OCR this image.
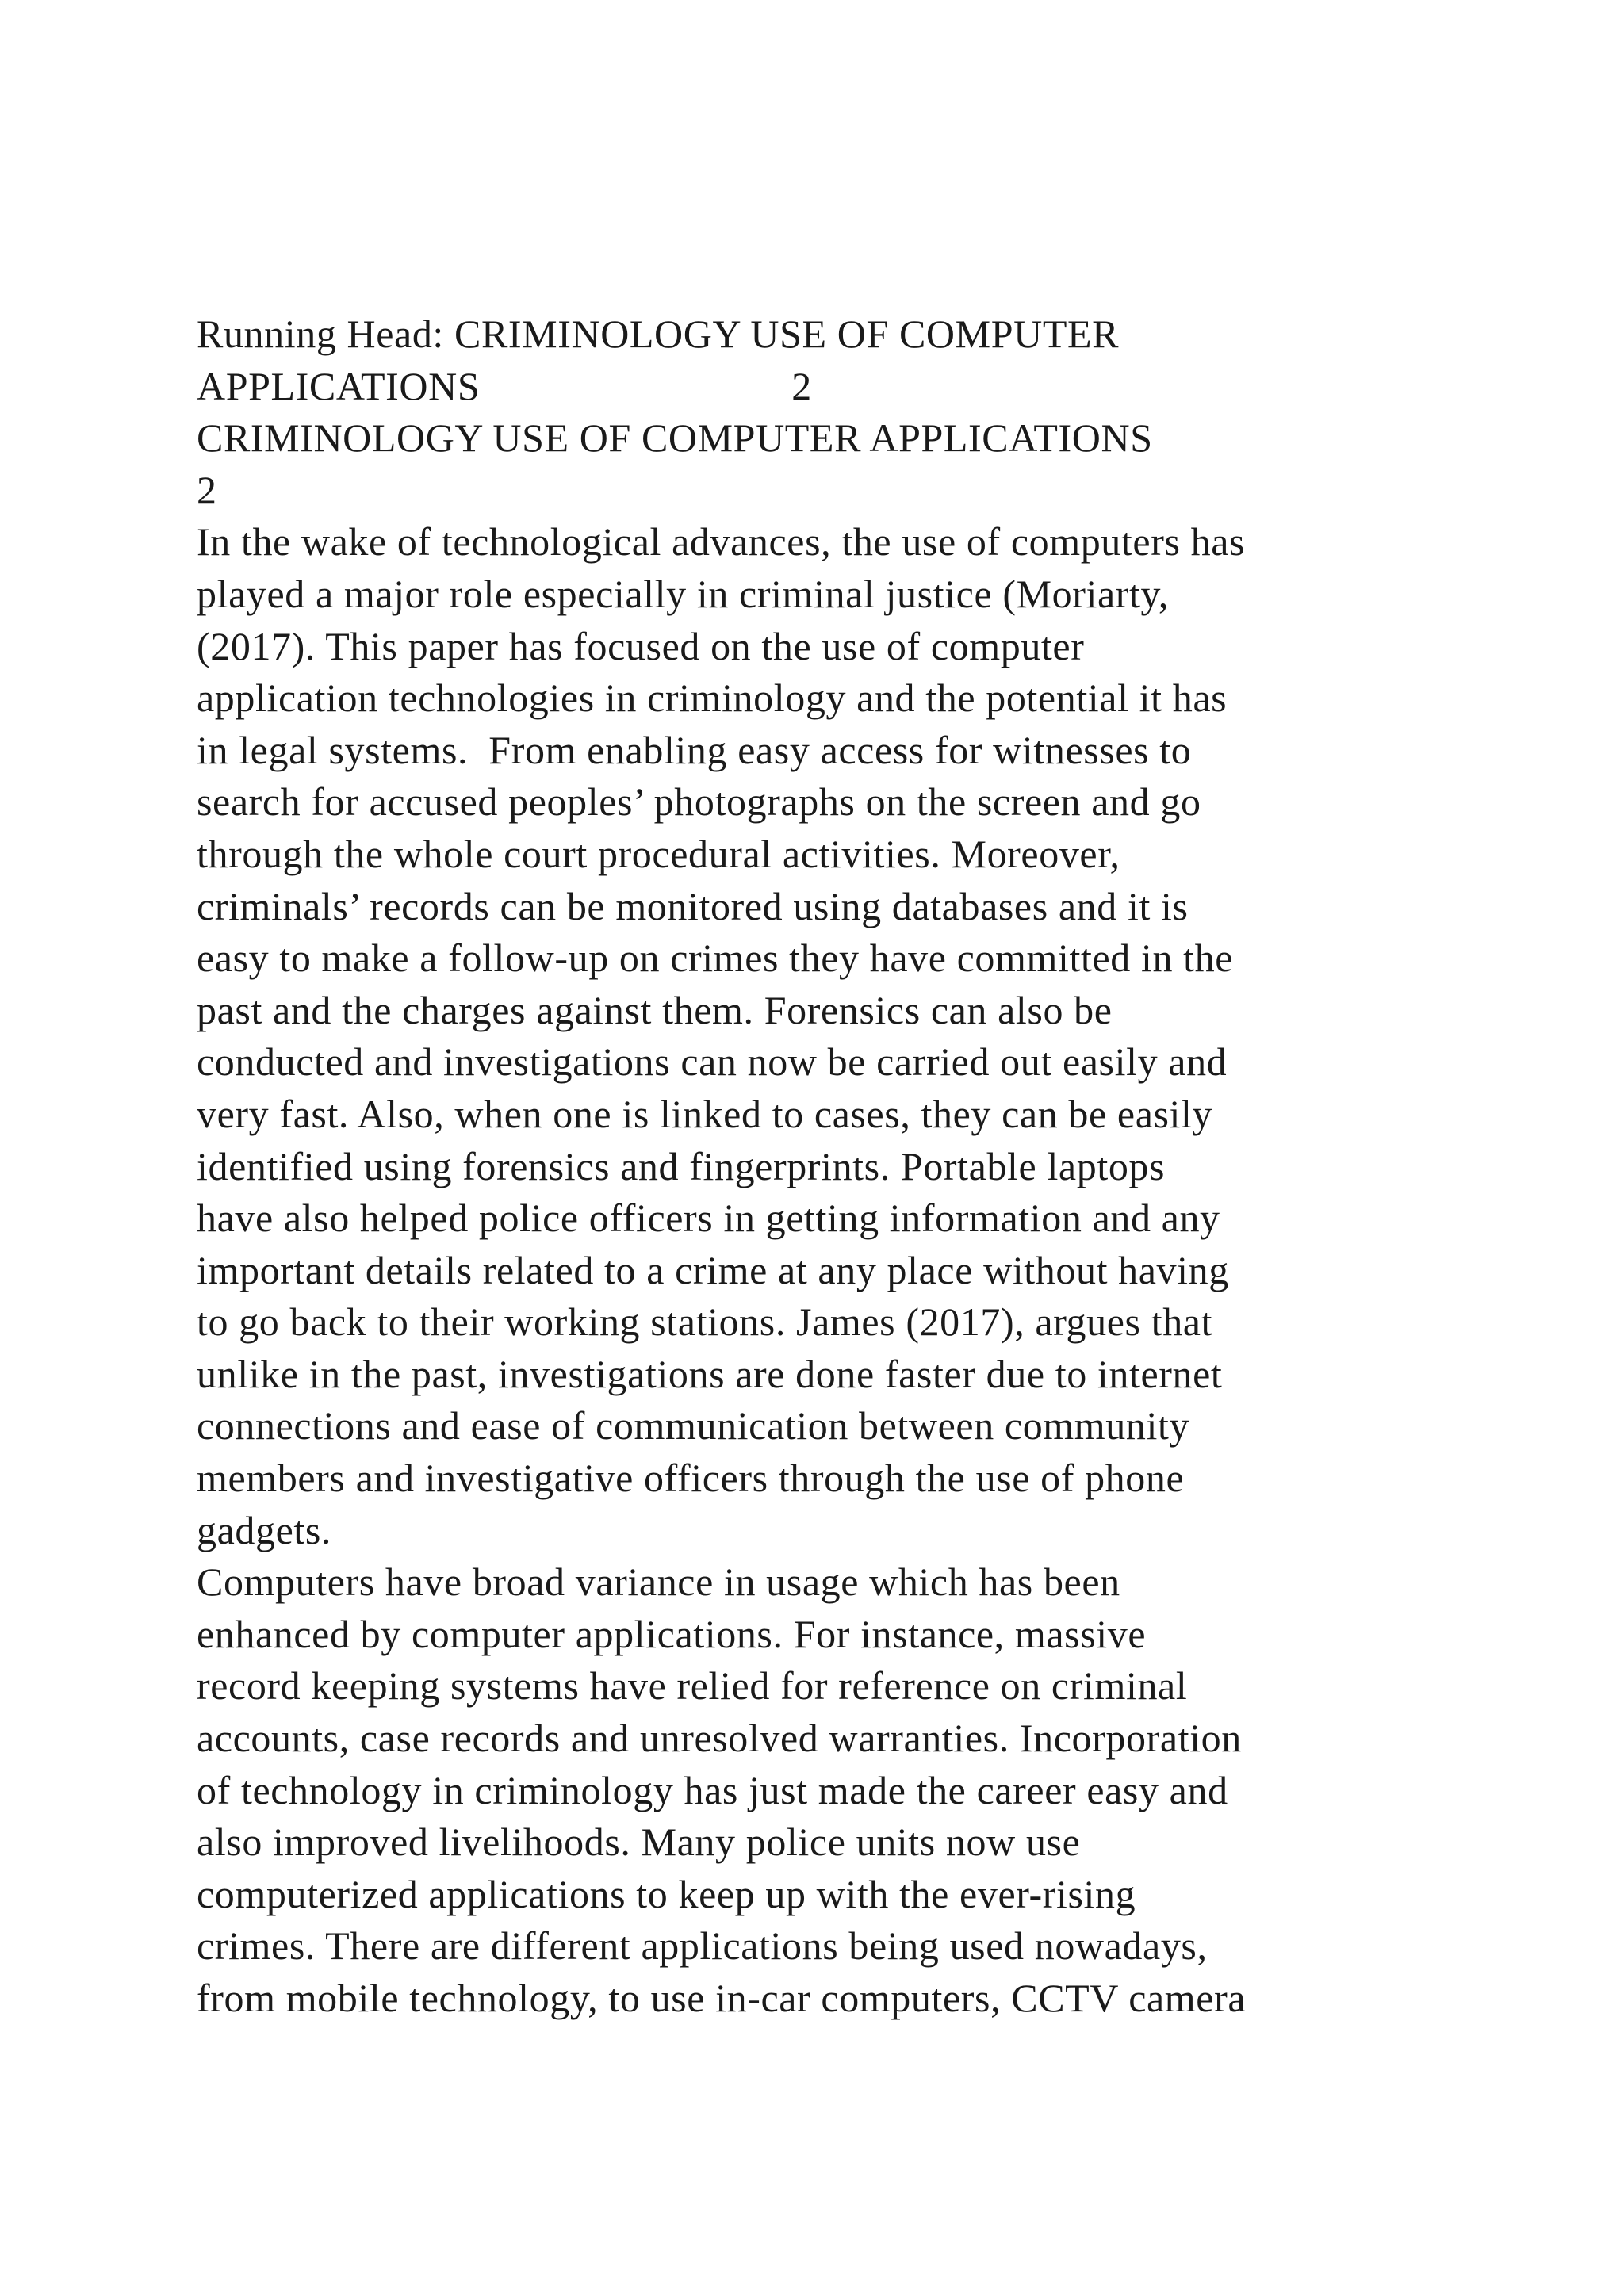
Running Head: CRIMINOLOGY USE OF COMPUTER
APPLICATIONS                              2
CRIMINOLOGY USE OF COMPUTER APPLICATIONS
2
In the wake of technological advances, the use of computers has
played a major role especially in criminal justice (Moriarty,
(2017). This paper has focused on the use of computer
application technologies in criminology and the potential it has
in legal systems.  From enabling easy access for witnesses to
search for accused peoples’ photographs on the screen and go
through the whole court procedural activities. Moreover,
criminals’ records can be monitored using databases and it is
easy to make a follow-up on crimes they have committed in the
past and the charges against them. Forensics can also be
conducted and investigations can now be carried out easily and
very fast. Also, when one is linked to cases, they can be easily
identified using forensics and fingerprints. Portable laptops
have also helped police officers in getting information and any
important details related to a crime at any place without having
to go back to their working stations. James (2017), argues that
unlike in the past, investigations are done faster due to internet
connections and ease of communication between community
members and investigative officers through the use of phone
gadgets.
Computers have broad variance in usage which has been
enhanced by computer applications. For instance, massive
record keeping systems have relied for reference on criminal
accounts, case records and unresolved warranties. Incorporation
of technology in criminology has just made the career easy and
also improved livelihoods. Many police units now use
computerized applications to keep up with the ever-rising
crimes. There are different applications being used nowadays,
from mobile technology, to use in-car computers, CCTV camera
